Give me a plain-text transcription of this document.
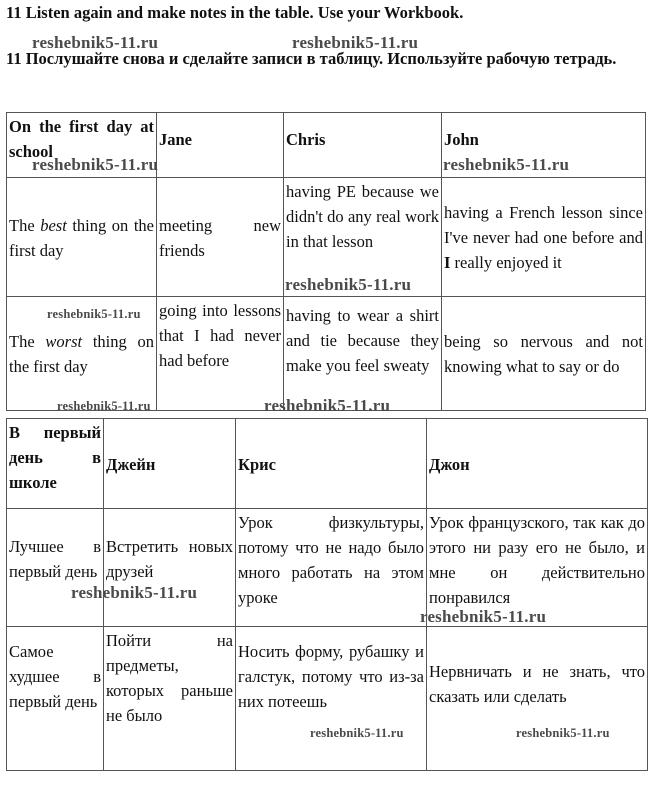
11 Listen again and make notes in the table. Use your Workbook.
11 Послушайте снова и сделайте записи в таблицу. Используйте рабочую тетрадь.
On the first day at school	Jane	Chris	John
The best thing on the first day	meeting new friends	having PE because we didn't do any real work in that lesson	having a French lesson since I've never had one before and I really enjoyed it
The worst thing on the first day	going into lessons that I had never had before	having to wear a shirt and tie because they make you feel sweaty	being so nervous and not knowing what to say or do
В первый день в школе	Джейн	Крис	Джон
Лучшее в первый день	Встретить новых друзей	Урок физкультуры, потому что не надо было много работать на этом уроке	Урок французского, так как до этого ни разу его не было, и мне он действительно понравился
Самое худшее в первый день	Пойти на предметы, которых раньше не было	Носить форму, рубашку и галстук, потому что из-за них потеешь	Нервничать и не знать, что сказать или сделать
reshebnik5-11.ru	reshebnik5-11.ru
reshebnik5-11.ru	reshebnik5-11.ru
reshebnik5-11.ru
reshebnik5-11.ru
reshebnik5-11.ru	reshebnik5-11.ru
reshebnik5-11.ru
reshebnik5-11.ru
reshebnik5-11.ru	reshebnik5-11.ru
